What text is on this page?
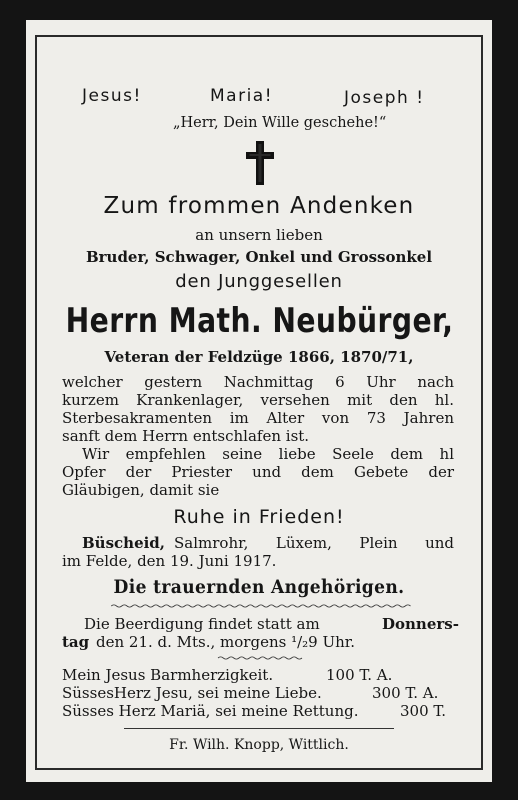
Jesus!	Maria!	Joseph !
„Herr, Dein Wille geschehe!“
Zum frommen Andenken
an unsern lieben
Bruder, Schwager, Onkel und Grossonkel
den Junggesellen
Herrn Math. Neubürger,
Veteran der Feldzüge 1866, 1870/71,
welcher gestern Nachmittag 6 Uhr nach
kurzem Krankenlager, versehen mit den hl.
Sterbesakramenten im Alter von 73 Jahren
sanft dem Herrn entschlafen ist.
Wir empfehlen seine liebe Seele dem hl
Opfer der Priester und dem Gebete der
Gläubigen, damit sie
Ruhe in Frieden!
Büscheid, Salmrohr, Lüxem, Plein und
im Felde, den 19. Juni 1917.
Die trauernden Angehörigen.
Die Beerdigung findet statt am	Donners-
tag den 21. d. Mts., morgens ¹/₂9 Uhr.
Mein Jesus Barmherzigkeit.	100 T. A.
SüssesHerz Jesu, sei meine Liebe.	300 T. A.
Süsses Herz Mariä, sei meine Rettung.	300 T.
Fr. Wilh. Knopp, Wittlich.
